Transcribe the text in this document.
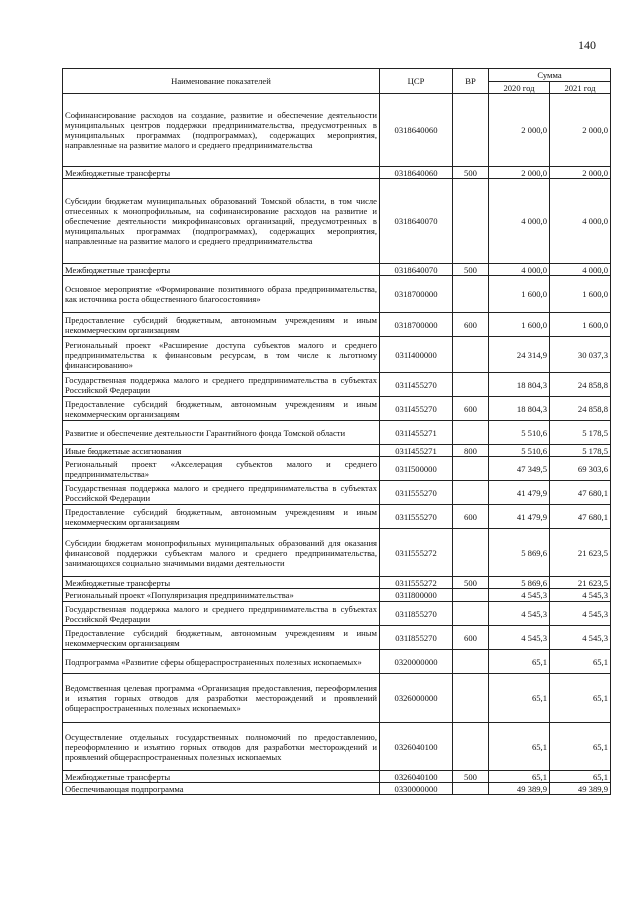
140
Наименование показателей	ЦСР	ВР	Сумма	
			2020 год	2021 год
Софинансирование расходов на создание, развитие и обеспечение деятельности муниципальных центров поддержки предпринимательства, предусмотренных в муниципальных программах (подпрограммах), содержащих мероприятия, направленные на развитие малого и среднего предпринимательства	0318640060		2 000,0	2 000,0
Межбюджетные трансферты	0318640060	500	2 000,0	2 000,0
Субсидии бюджетам муниципальных образований Томской области, в том числе отнесенных к монопрофильным, на софинансирование расходов на развитие и обеспечение деятельности микрофинансовых организаций, предусмотренных в муниципальных программах (подпрограммах), содержащих мероприятия, направленные на развитие малого и среднего предпринимательства	0318640070		4 000,0	4 000,0
Межбюджетные трансферты	0318640070	500	4 000,0	4 000,0
Основное мероприятие «Формирование позитивного образа предпринимательства, как источника роста общественного благосостояния»	0318700000		1 600,0	1 600,0
Предоставление субсидий бюджетным, автономным учреждениям и иным некоммерческим организациям	0318700000	600	1 600,0	1 600,0
Региональный проект «Расширение доступа субъектов малого и среднего предпринимательства к финансовым ресурсам, в том числе к льготному финансированию»	031I400000		24 314,9	30 037,3
Государственная поддержка малого и среднего предпринимательства в субъектах Российской Федерации	031I455270		18 804,3	24 858,8
Предоставление субсидий бюджетным, автономным учреждениям и иным некоммерческим организациям	031I455270	600	18 804,3	24 858,8
Развитие и обеспечение деятельности Гарантийного фонда Томской области	031I455271		5 510,6	5 178,5
Иные бюджетные ассигнования	031I455271	800	5 510,6	5 178,5
Региональный проект «Акселерация субъектов малого и среднего предпринимательства»	031I500000		47 349,5	69 303,6
Государственная поддержка малого и среднего предпринимательства в субъектах Российской Федерации	031I555270		41 479,9	47 680,1
Предоставление субсидий бюджетным, автономным учреждениям и иным некоммерческим организациям	031I555270	600	41 479,9	47 680,1
Субсидии бюджетам монопрофильных муниципальных образований для оказания финансовой поддержки субъектам малого и среднего предпринимательства, занимающихся социально значимыми видами деятельности	031I555272		5 869,6	21 623,5
Межбюджетные трансферты	031I555272	500	5 869,6	21 623,5
Региональный проект «Популяризация предпринимательства»	031I800000		4 545,3	4 545,3
Государственная поддержка малого и среднего предпринимательства в субъектах Российской Федерации	031I855270		4 545,3	4 545,3
Предоставление субсидий бюджетным, автономным учреждениям и иным некоммерческим организациям	031I855270	600	4 545,3	4 545,3
Подпрограмма «Развитие сферы общераспространенных полезных ископаемых»	0320000000		65,1	65,1
Ведомственная целевая программа «Организация предоставления, переоформления и изъятия горных отводов для разработки месторождений и проявлений общераспространенных полезных ископаемых»	0326000000		65,1	65,1
Осуществление отдельных государственных полномочий по предоставлению, переоформлению и изъятию горных отводов для разработки месторождений и проявлений общераспространенных полезных ископаемых	0326040100		65,1	65,1
Межбюджетные трансферты	0326040100	500	65,1	65,1
Обеспечивающая подпрограмма	0330000000		49 389,9	49 389,9
